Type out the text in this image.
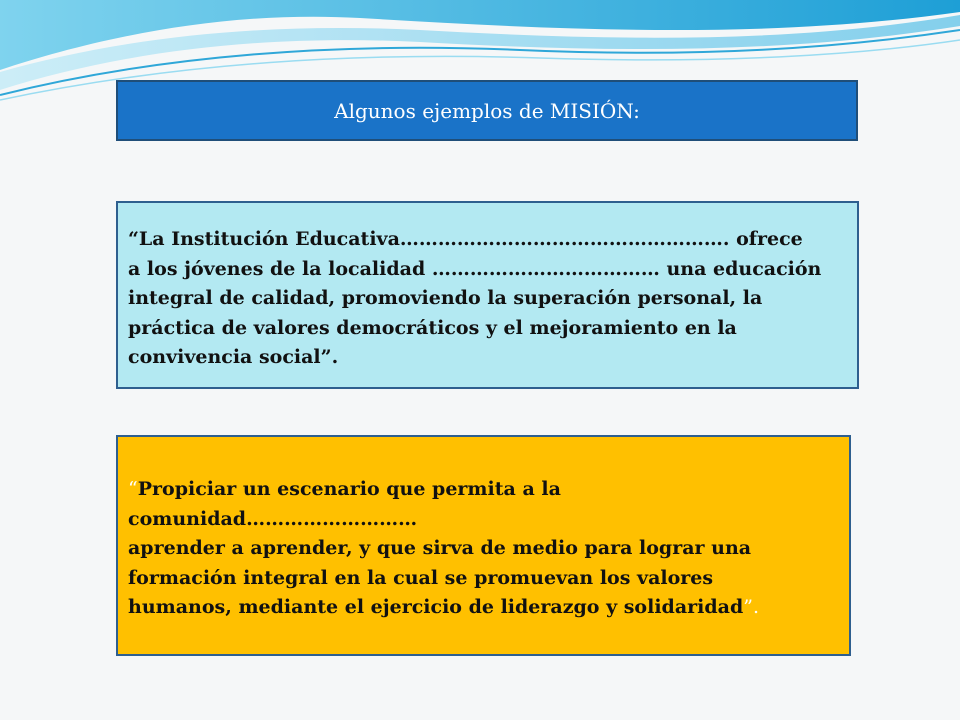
Algunos ejemplos de MISIÓN:
“La Institución Educativa……………………………………………. ofrece
a los jóvenes de la localidad ……………………………… una educación
integral de calidad, promoviendo la superación personal, la
práctica de valores democráticos y el mejoramiento en la
convivencia social”.
“Propiciar un escenario que permita a la
comunidad………………………
aprender a aprender, y que sirva de medio para lograr una
formación integral en la cual se promuevan los valores
humanos, mediante el ejercicio de liderazgo y solidaridad”.
